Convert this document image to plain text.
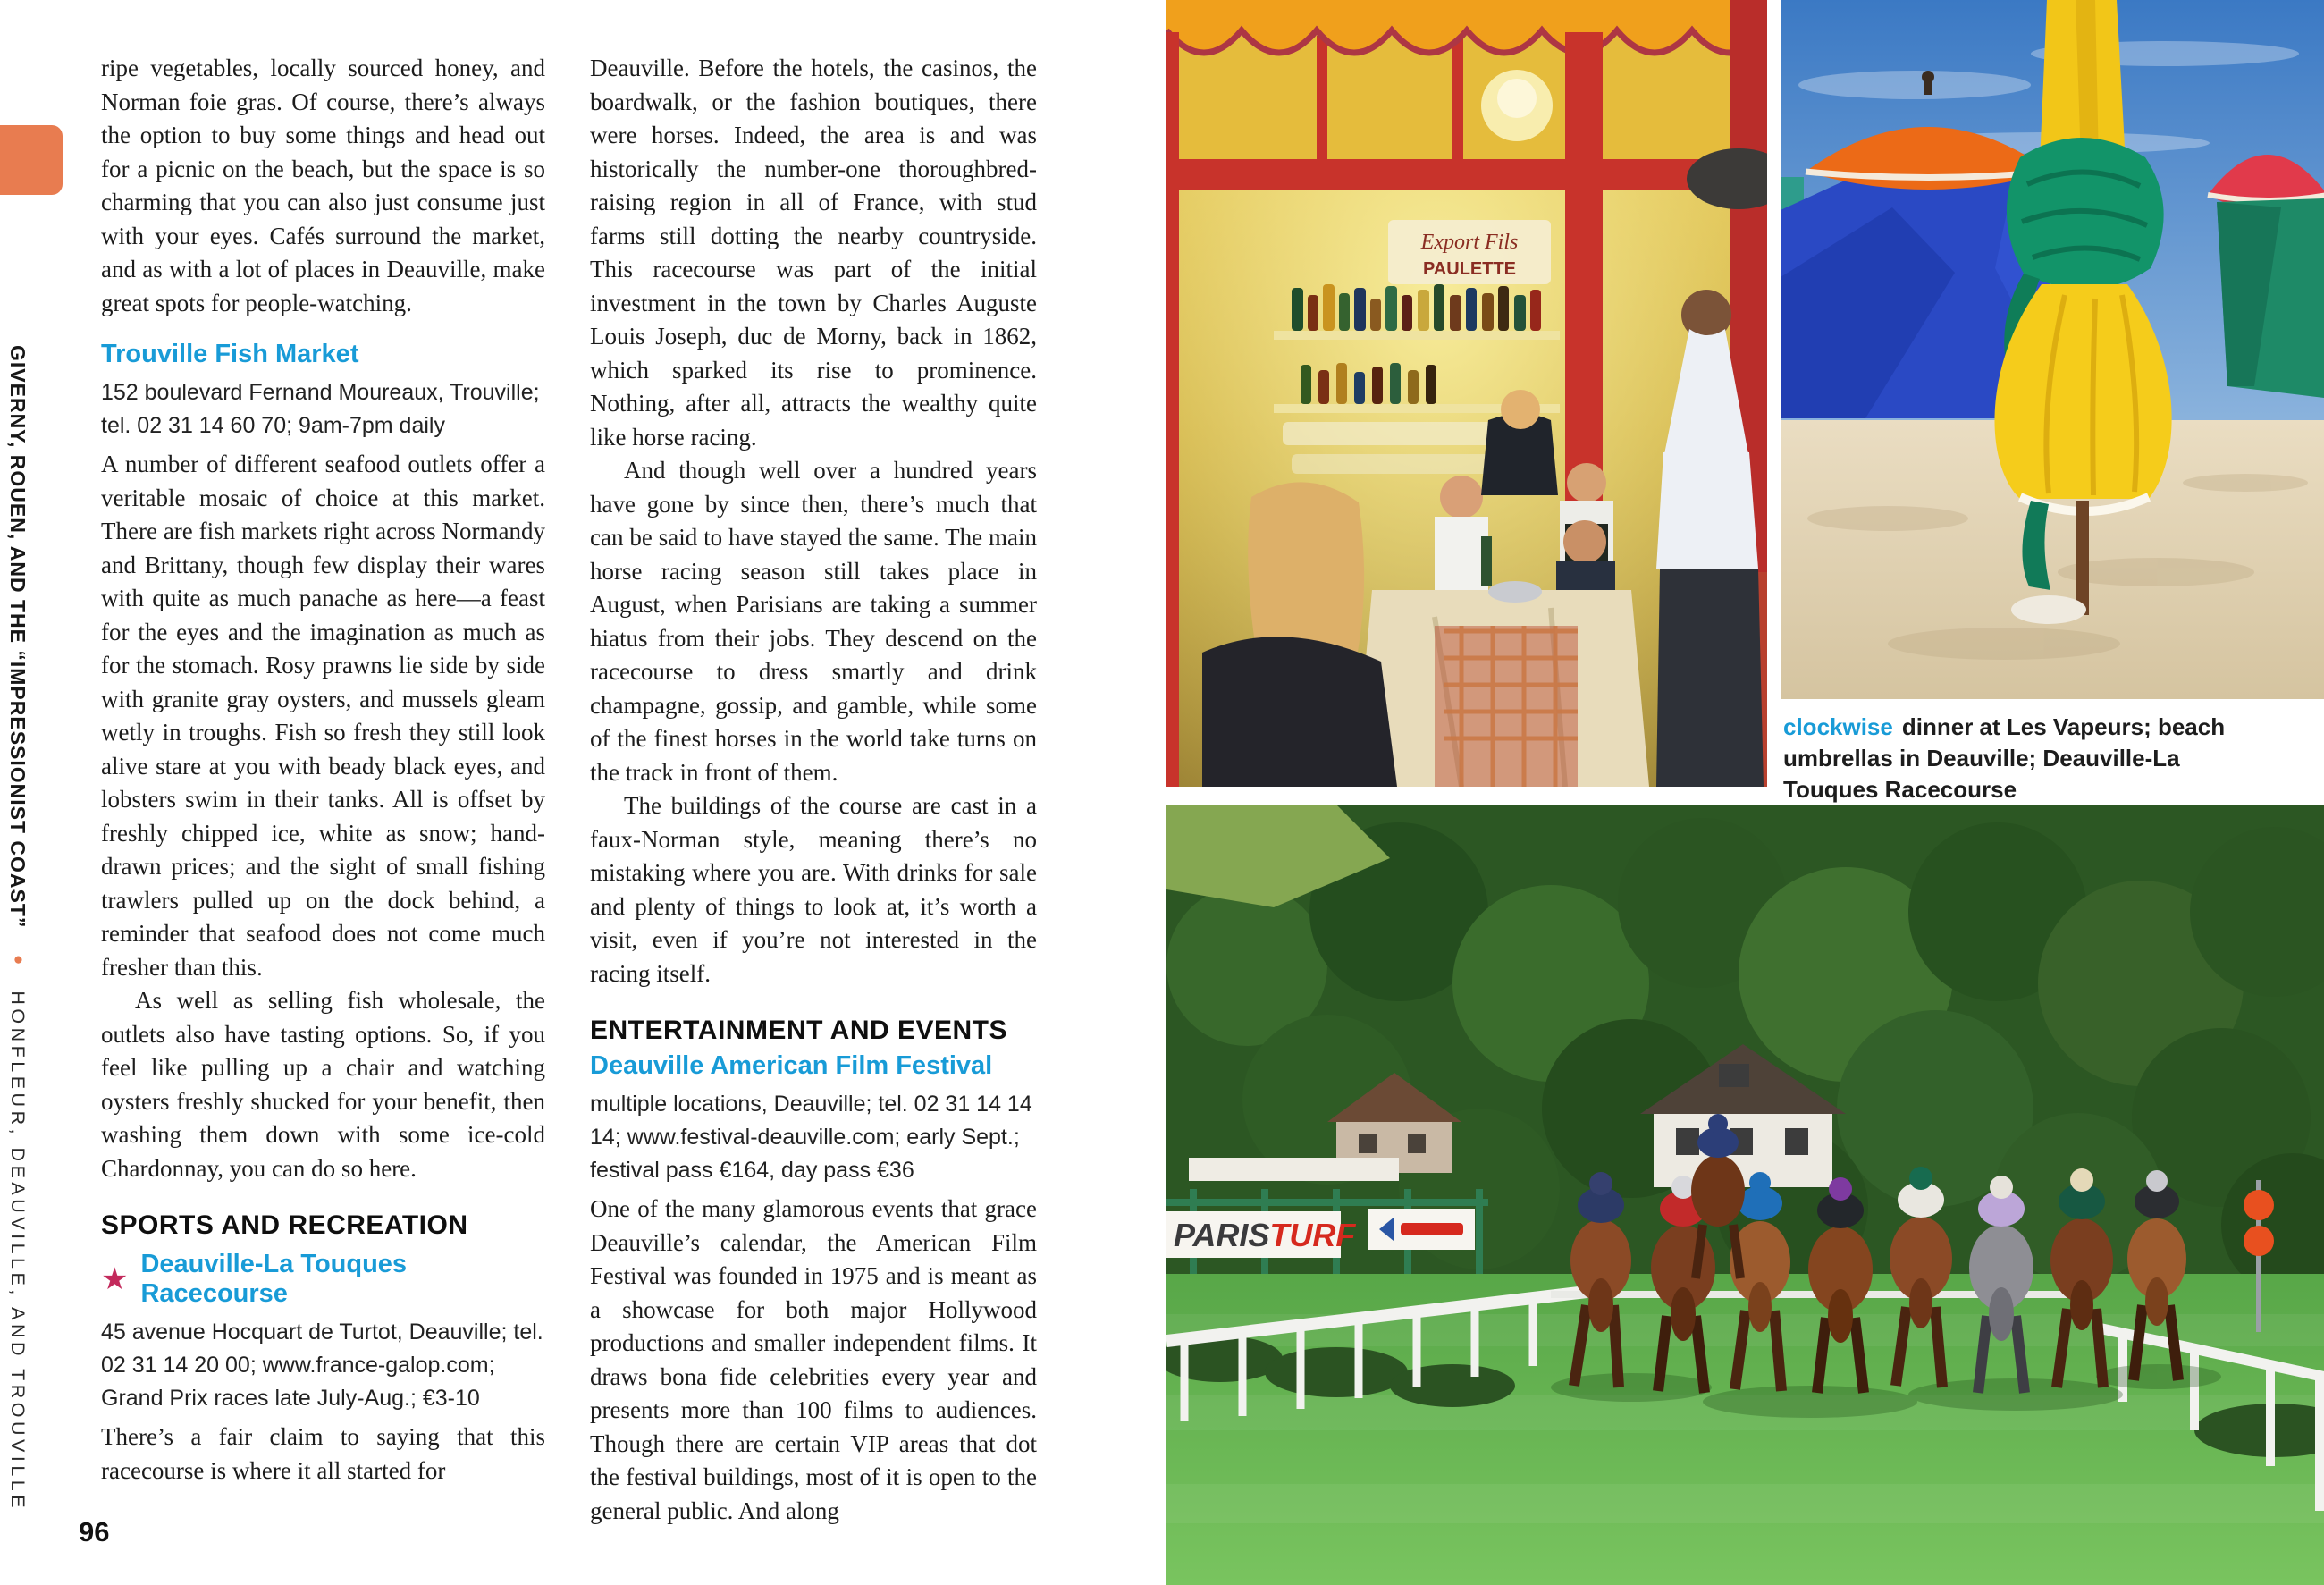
GIVERNY, ROUEN, AND THE “IMPRESSIONIST COAST” ● HONFLEUR, DEAUVILLE, AND TROUVILLE
96

ripe vegetables, locally sourced honey, and Norman foie gras. Of course, there’s always the option to buy some things and head out for a picnic on the beach, but the space is so charming that you can also just consume just with your eyes. Cafés surround the market, and as with a lot of places in Deauville, make great spots for people-watching.

Trouville Fish Market

152 boulevard Fernand Moureaux, Trouville; tel. 02 31 14 60 70; 9am-7pm daily

A number of different seafood outlets offer a veritable mosaic of choice at this market. There are fish markets right across Normandy and Brittany, though few display their wares with quite as much panache as here—a feast for the eyes and the imagination as much as for the stomach. Rosy prawns lie side by side with granite gray oysters, and mussels gleam wetly in troughs. Fish so fresh they still look alive stare at you with beady black eyes, and lobsters swim in their tanks. All is offset by freshly chipped ice, white as snow; hand-drawn prices; and the sight of small fishing trawlers pulled up on the dock behind, a reminder that seafood does not come much fresher than this.

As well as selling fish wholesale, the outlets also have tasting options. So, if you feel like pulling up a chair and watching oysters freshly shucked for your benefit, then washing them down with some ice-cold Chardonnay, you can do so here.

SPORTS AND RECREATION
★ Deauville-La Touques Racecourse

45 avenue Hocquart de Turtot, Deauville; tel. 02 31 14 20 00; www.france-galop.com; Grand Prix races late July-Aug.; €3-10

There’s a fair claim to saying that this racecourse is where it all started for

Deauville. Before the hotels, the casinos, the boardwalk, or the fashion boutiques, there were horses. Indeed, the area is and was historically the number-one thoroughbred-raising region in all of France, with stud farms still dotting the nearby countryside. This racecourse was part of the initial investment in the town by Charles Auguste Louis Joseph, duc de Morny, back in 1862, which sparked its rise to prominence. Nothing, after all, attracts the wealthy quite like horse racing.

And though well over a hundred years have gone by since then, there’s much that can be said to have stayed the same. The main horse racing season still takes place in August, when Parisians are taking a summer hiatus from their jobs. They descend on the racecourse to dress smartly and drink champagne, gossip, and gamble, while some of the finest horses in the world take turns on the track in front of them.

The buildings of the course are cast in a faux-Norman style, meaning there’s no mistaking where you are. With drinks for sale and plenty of things to look at, it’s worth a visit, even if you’re not interested in the racing itself.

ENTERTAINMENT AND EVENTS
Deauville American Film Festival

multiple locations, Deauville; tel. 02 31 14 14 14; www.festival-deauville.com; early Sept.; festival pass €164, day pass €36

One of the many glamorous events that grace Deauville’s calendar, the American Film Festival was founded in 1975 and is meant as a showcase for both major Hollywood productions and smaller independent films. It draws bona fide celebrities every year and presents more than 100 films to audiences. Though there are certain VIP areas that dot the festival buildings, most of it is open to the general public. And along

Export Fils
PAULETTE
clockwise dinner at Les Vapeurs; beach umbrellas in Deauville; Deauville-La Touques Racecourse
PARISTURF
